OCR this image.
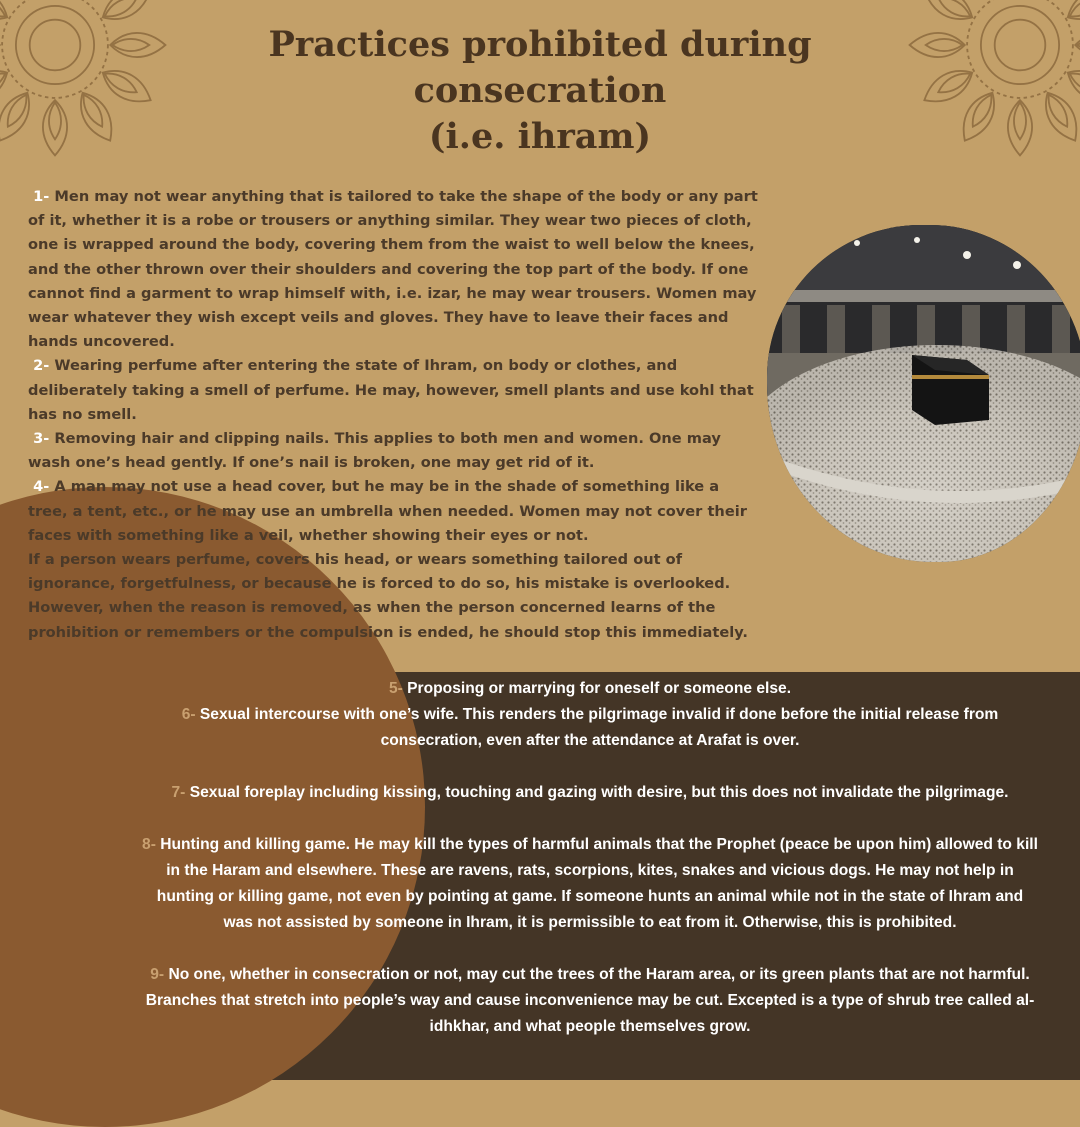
Practices prohibited during consecration
(i.e. ihram)

1- Men may not wear anything that is tailored to take the shape of the body or any part of it, whether it is a robe or trousers or anything similar. They wear two pieces of cloth, one is wrapped around the body, covering them from the waist to well below the knees, and the other thrown over their shoulders and covering the top part of the body. If one cannot find a garment to wrap himself with, i.e. izar, he may wear trousers. Women may wear whatever they wish except veils and gloves. They have to leave their faces and hands uncovered.

2- Wearing perfume after entering the state of Ihram, on body or clothes, and deliberately taking a smell of perfume. He may, however, smell plants and use kohl that has no smell.

3- Removing hair and clipping nails. This applies to both men and women. One may wash one’s head gently. If one’s nail is broken, one may get rid of it.

4- A man may not use a head cover, but he may be in the shade of something like a tree, a tent, etc., or he may use an umbrella when needed. Women may not cover their faces with something like a veil, whether showing their eyes or not.

If a person wears perfume, covers his head, or wears something tailored out of ignorance, forgetfulness, or because he is forced to do so, his mistake is overlooked. However, when the reason is removed, as when the person concerned learns of the prohibition or remembers or the compulsion is ended, he should stop this immediately.

5- Proposing or marrying for oneself or someone else.

6- Sexual intercourse with one’s wife. This renders the pilgrimage invalid if done before the initial release from consecration, even after the attendance at Arafat is over.

7- Sexual foreplay including kissing, touching and gazing with desire, but this does not invalidate the pilgrimage.

8- Hunting and killing game. He may kill the types of harmful animals that the Prophet (peace be upon him) allowed to kill in the Haram and elsewhere. These are ravens, rats, scorpions, kites, snakes and vicious dogs. He may not help in hunting or killing game, not even by pointing at game. If someone hunts an animal while not in the state of Ihram and was not assisted by someone in Ihram, it is permissible to eat from it. Otherwise, this is prohibited.

9- No one, whether in consecration or not, may cut the trees of the Haram area, or its green plants that are not harmful. Branches that stretch into people’s way and cause inconvenience may be cut. Excepted is a type of shrub tree called al-idhkhar, and what people themselves grow.
